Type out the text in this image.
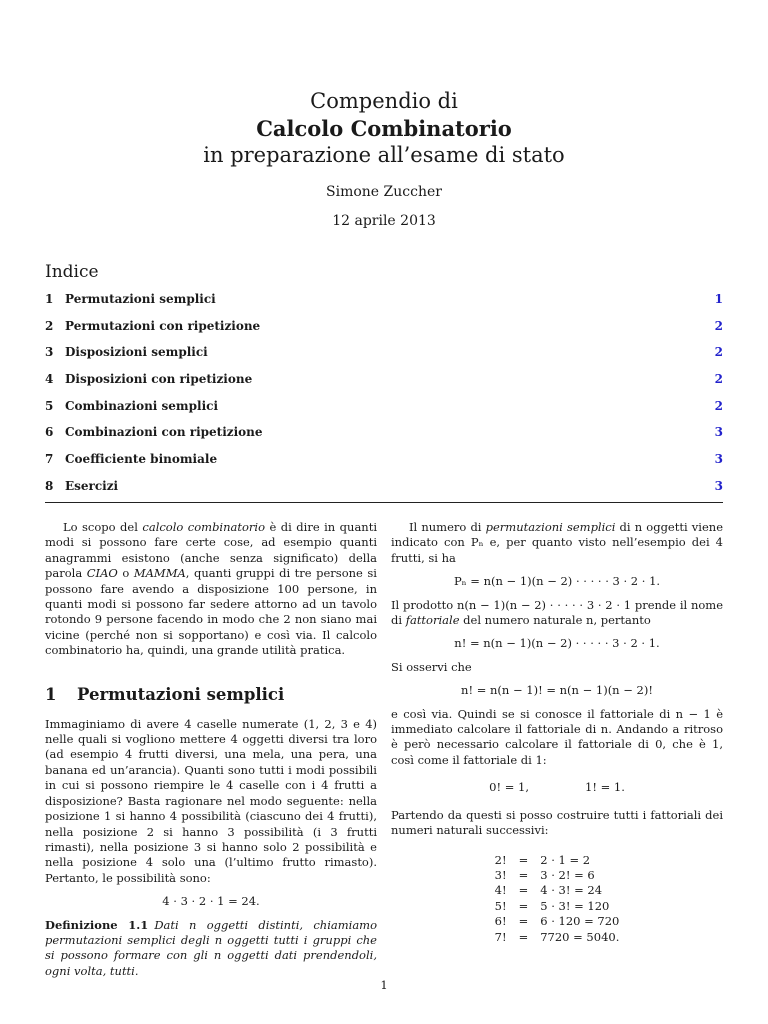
Compendio di
Calcolo Combinatorio
in preparazione all’esame di stato
Simone Zuccher
12 aprile 2013
Indice
1 Permutazioni semplici	1
2 Permutazioni con ripetizione	2
3 Disposizioni semplici	2
4 Disposizioni con ripetizione	2
5 Combinazioni semplici	2
6 Combinazioni con ripetizione	3
7 Coefficiente binomiale	3
8 Esercizi	3

Lo scopo del calcolo combinatorio è di dire in quanti modi si possono fare certe cose, ad esempio quanti anagrammi esistono (anche senza significato) della parola CIAO o MAMMA, quanti gruppi di tre persone si possono fare avendo a disposizione 100 persone, in quanti modi si possono far sedere attorno ad un tavolo rotondo 9 persone facendo in modo che 2 non siano mai vicine (perché non si sopportano) e così via. Il calcolo combinatorio ha, quindi, una grande utilità pratica.

1 Permutazioni semplici

Immaginiamo di avere 4 caselle numerate (1, 2, 3 e 4) nelle quali si vogliono mettere 4 oggetti diversi tra loro (ad esempio 4 frutti diversi, una mela, una pera, una banana ed un’arancia). Quanti sono tutti i modi possibili in cui si possono riempire le 4 caselle con i 4 frutti a disposizione? Basta ragionare nel modo seguente: nella posizione 1 si hanno 4 possibilità (ciascuno dei 4 frutti), nella posizione 2 si hanno 3 possibilità (i 3 frutti rimasti), nella posizione 3 si hanno solo 2 possibilità e nella posizione 4 solo una (l’ultimo frutto rimasto). Pertanto, le possibilità sono:

4 · 3 · 2 · 1 = 24.

Definizione 1.1 Dati n oggetti distinti, chiamiamo permutazioni semplici degli n oggetti tutti i gruppi che si possono formare con gli n oggetti dati prendendoli, ogni volta, tutti.

Il numero di permutazioni semplici di n oggetti viene indicato con Pₙ e, per quanto visto nell’esempio dei 4 frutti, si ha

Pₙ = n(n − 1)(n − 2) · · · · · 3 · 2 · 1.

Il prodotto n(n − 1)(n − 2) · · · · · 3 · 2 · 1 prende il nome di fattoriale del numero naturale n, pertanto

n! = n(n − 1)(n − 2) · · · · · 3 · 2 · 1.

Si osservi che

n! = n(n − 1)! = n(n − 1)(n − 2)!

e così via. Quindi se si conosce il fattoriale di n − 1 è immediato calcolare il fattoriale di n. Andando a ritroso è però necessario calcolare il fattoriale di 0, che è 1, così come il fattoriale di 1:

0! = 1,	1! = 1.

Partendo da questi si posso costruire tutti i fattoriali dei numeri naturali successivi:

2!	=	2 · 1 = 2
3!	=	3 · 2! = 6
4!	=	4 · 3! = 24
5!	=	5 · 3! = 120
6!	=	6 · 120 = 720
7!	=	7720 = 5040.
1
